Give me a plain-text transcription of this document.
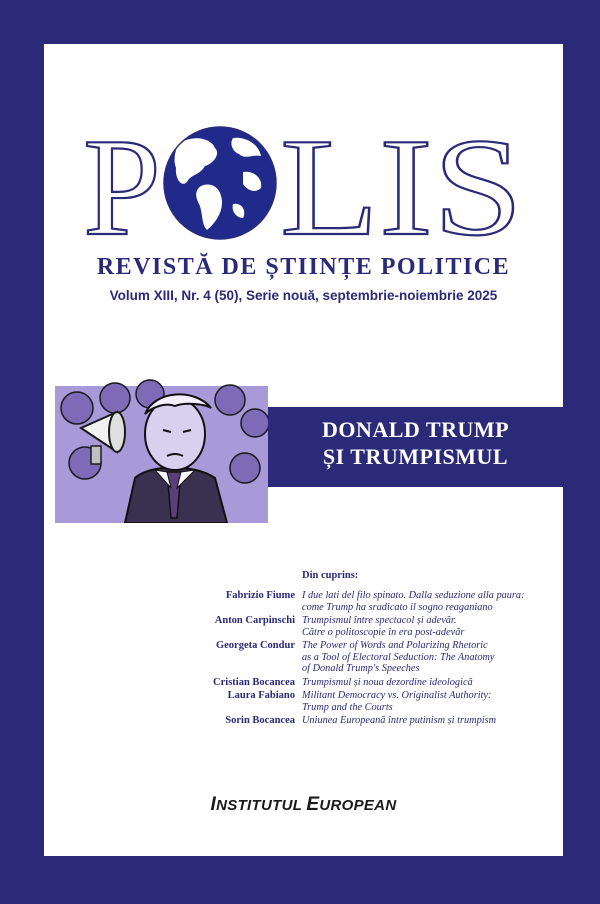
P LIS
REVISTĂ DE ȘTIINȚE POLITICE
Volum XIII, Nr. 4 (50), Serie nouă, septembrie-noiembrie 2025
DONALD TRUMP
ȘI TRUMPISMUL
Din cuprins:
Fabrizio Fiume I due lati del filo spinato. Dalla seduzione alla paura:
come Trump ha sradicato il sogno reaganiano
Anton Carpinschi Trumpismul între spectacol și adevăr.
Către o politoscopie în era post-adevăr
Georgeta Condur The Power of Words and Polarizing Rhetoric
as a Tool of Electoral Seduction: The Anatomy
of Donald Trump's Speeches
Cristian Bocancea Trumpismul și noua dezordine ideologică
Laura Fabiano Militant Democracy vs. Originalist Authority:
Trump and the Courts
Sorin Bocancea Uniunea Europeană între putinism și trumpism
INSTITUTUL EUROPEAN
